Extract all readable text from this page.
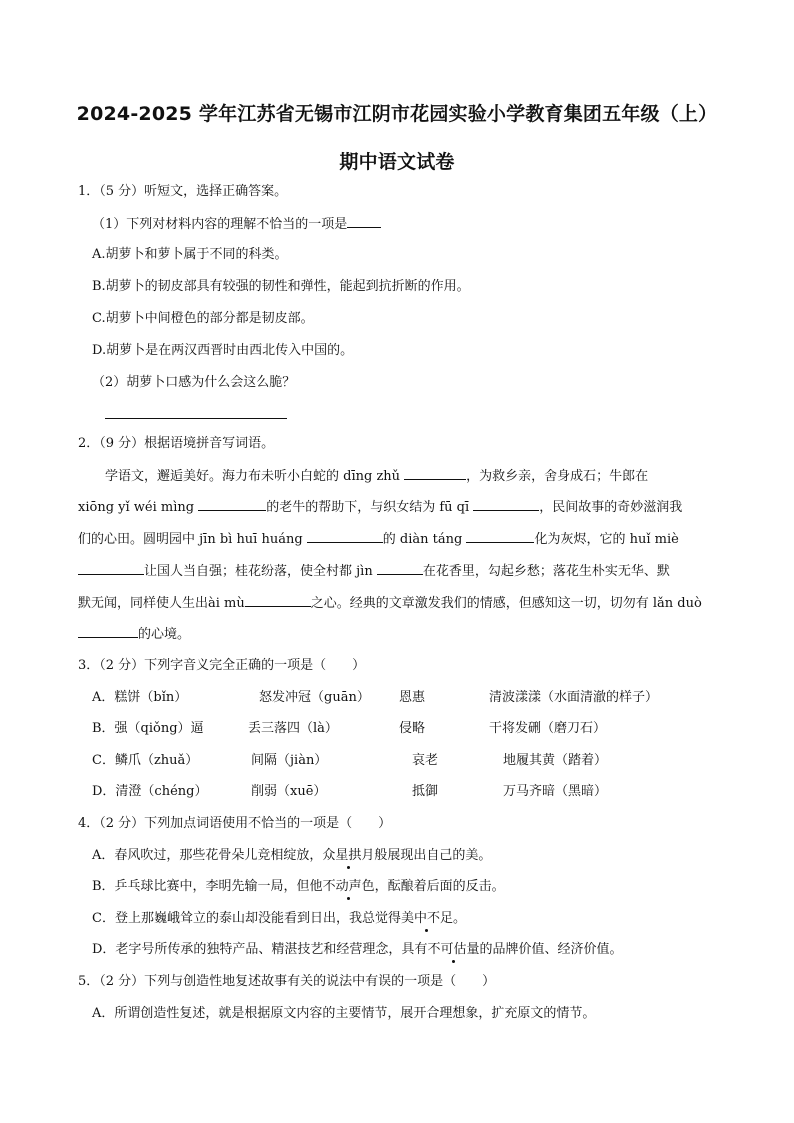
2024-2025 学年江苏省无锡市江阴市花园实验小学教育集团五年级（上）
期中语文试卷
1．（5 分）听短文，选择正确答案。
（1）下列对材料内容的理解不恰当的一项是
A.胡萝卜和萝卜属于不同的科类。
B.胡萝卜的韧皮部具有较强的韧性和弹性，能起到抗折断的作用。
C.胡萝卜中间橙色的部分都是韧皮部。
D.胡萝卜是在两汉西晋时由西北传入中国的。
（2）胡萝卜口感为什么会这么脆？
2．（9 分）根据语境拼音写词语。
学语文，邂逅美好。海力布未听小白蛇的 dīng zhǔ	，为救乡亲，舍身成石；牛郎在
xiōng yǐ wéi mìng	的老牛的帮助下，与织女结为 fū qī	，民间故事的奇妙滋润我
们的心田。圆明园中 jīn bì huī huáng	的 diàn táng	化为灰烬，它的 huǐ miè
让国人当自强；桂花纷落，使全村都 jìn	在花香里，勾起乡愁；落花生朴实无华、默
默无闻，同样使人生出ài mù	之心。经典的文章激发我们的情感，但感知这一切，切勿有 lǎn duò
的心境。
3．（2 分）下列字音义完全正确的一项是（　　）
A．糕饼（bǐn）	怒发冲冠（guān） 恩惠	清波漾漾（水面清澈的样子）
B．强（qiǒng）逼	丢三落四（là）	侵略	干将发硎（磨刀石）
C．鳞爪（zhuǎ）	间隔（jiàn）	哀老	地履其黄（踏着）
D．清澄（chéng）	削弱（xuē）	抵御	万马齐暗（黑暗）
4．（2 分）下列加点词语使用不恰当的一项是（　　）
A．春风吹过，那些花骨朵儿竞相绽放，众星拱月般展现出自己的美。
B．乒乓球比赛中，李明先输一局，但他不动声色，酝酿着后面的反击。
C．登上那巍峨耸立的泰山却没能看到日出，我总觉得美中不足。
D．老字号所传承的独特产品、精湛技艺和经营理念，具有不可估量的品牌价值、经济价值。
5．（2 分）下列与创造性地复述故事有关的说法中有误的一项是（　　）
A．所谓创造性复述，就是根据原文内容的主要情节，展开合理想象，扩充原文的情节。
